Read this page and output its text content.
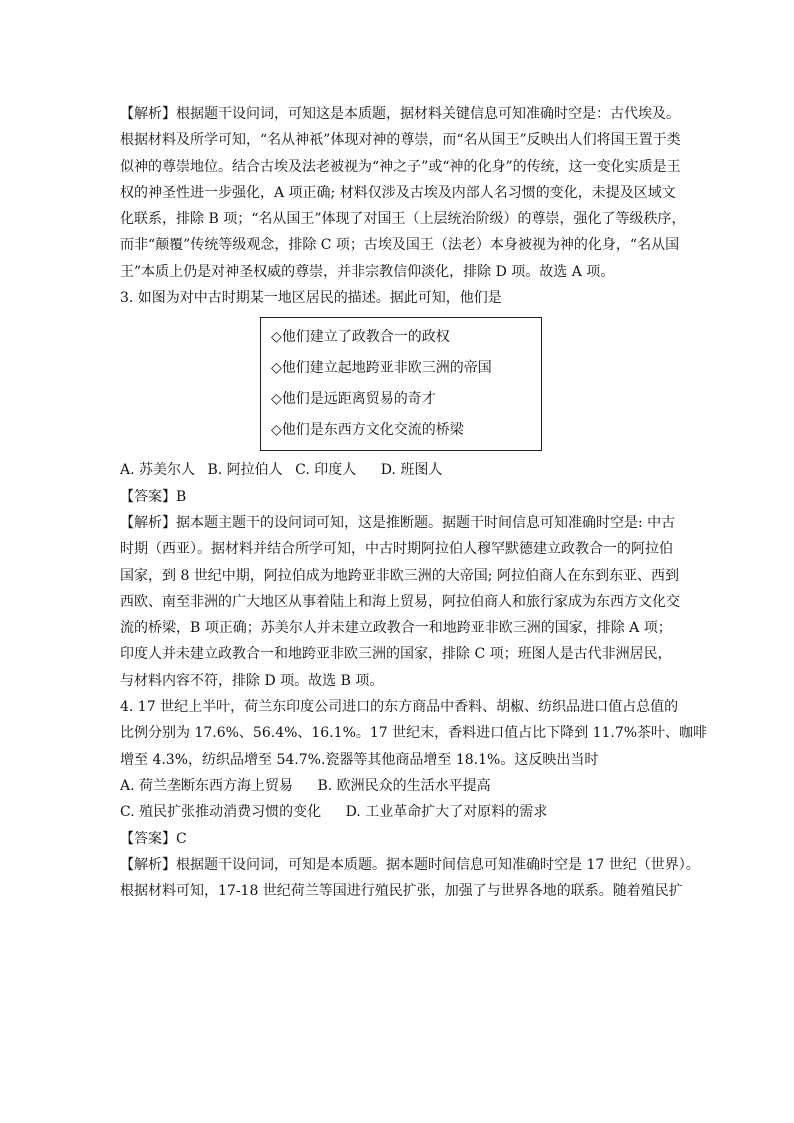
【解析】根据题干设问词，可知这是本质题，据材料关键信息可知准确时空是：古代埃及。
根据材料及所学可知，“名从神祇”体现对神的尊崇，而“名从国王”反映出人们将国王置于类
似神的尊崇地位。结合古埃及法老被视为“神之子”或“神的化身”的传统，这一变化实质是王
权的神圣性进一步强化，A 项正确; 材料仅涉及古埃及内部人名习惯的变化，未提及区域文
化联系，排除 B 项；“名从国王”体现了对国王（上层统治阶级）的尊崇，强化了等级秩序，
而非“颠覆”传统等级观念，排除 C 项；古埃及国王（法老）本身被视为神的化身，“名从国
王”本质上仍是对神圣权威的尊崇，并非宗教信仰淡化，排除 D 项。故选 A 项。
3. 如图为对中古时期某一地区居民的描述。据此可知，他们是
◇他们建立了政教合一的政权
◇他们建立起地跨亚非欧三洲的帝国
◇他们是远距离贸易的奇才
◇他们是东西方文化交流的桥梁
A. 苏美尔人 B. 阿拉伯人 C. 印度人 D. 班图人
【答案】B
【解析】据本题主题干的设问词可知，这是推断题。据题干时间信息可知准确时空是: 中古
时期（西亚）。据材料并结合所学可知，中古时期阿拉伯人穆罕默德建立政教合一的阿拉伯
国家，到 8 世纪中期，阿拉伯成为地跨亚非欧三洲的大帝国; 阿拉伯商人在东到东亚、西到
西欧、南至非洲的广大地区从事着陆上和海上贸易，阿拉伯商人和旅行家成为东西方文化交
流的桥梁，B 项正确；苏美尔人并未建立政教合一和地跨亚非欧三洲的国家，排除 A 项；
印度人并未建立政教合一和地跨亚非欧三洲的国家，排除 C 项；班图人是古代非洲居民，
与材料内容不符，排除 D 项。故选 B 项。
4. 17 世纪上半叶，荷兰东印度公司进口的东方商品中香料、胡椒、纺织品进口值占总值的
比例分别为 17.6%、56.4%、16.1%。17 世纪末，香料进口值占比下降到 11.7%茶叶、咖啡
增至 4.3%，纺织品增至 54.7%.瓷器等其他商品增至 18.1%。这反映出当时
A. 荷兰垄断东西方海上贸易 B. 欧洲民众的生活水平提高
C. 殖民扩张推动消费习惯的变化 D. 工业革命扩大了对原料的需求
【答案】C
【解析】根据题干设问词，可知是本质题。据本题时间信息可知准确时空是 17 世纪（世界）。
根据材料可知，17-18 世纪荷兰等国进行殖民扩张，加强了与世界各地的联系。随着殖民扩
